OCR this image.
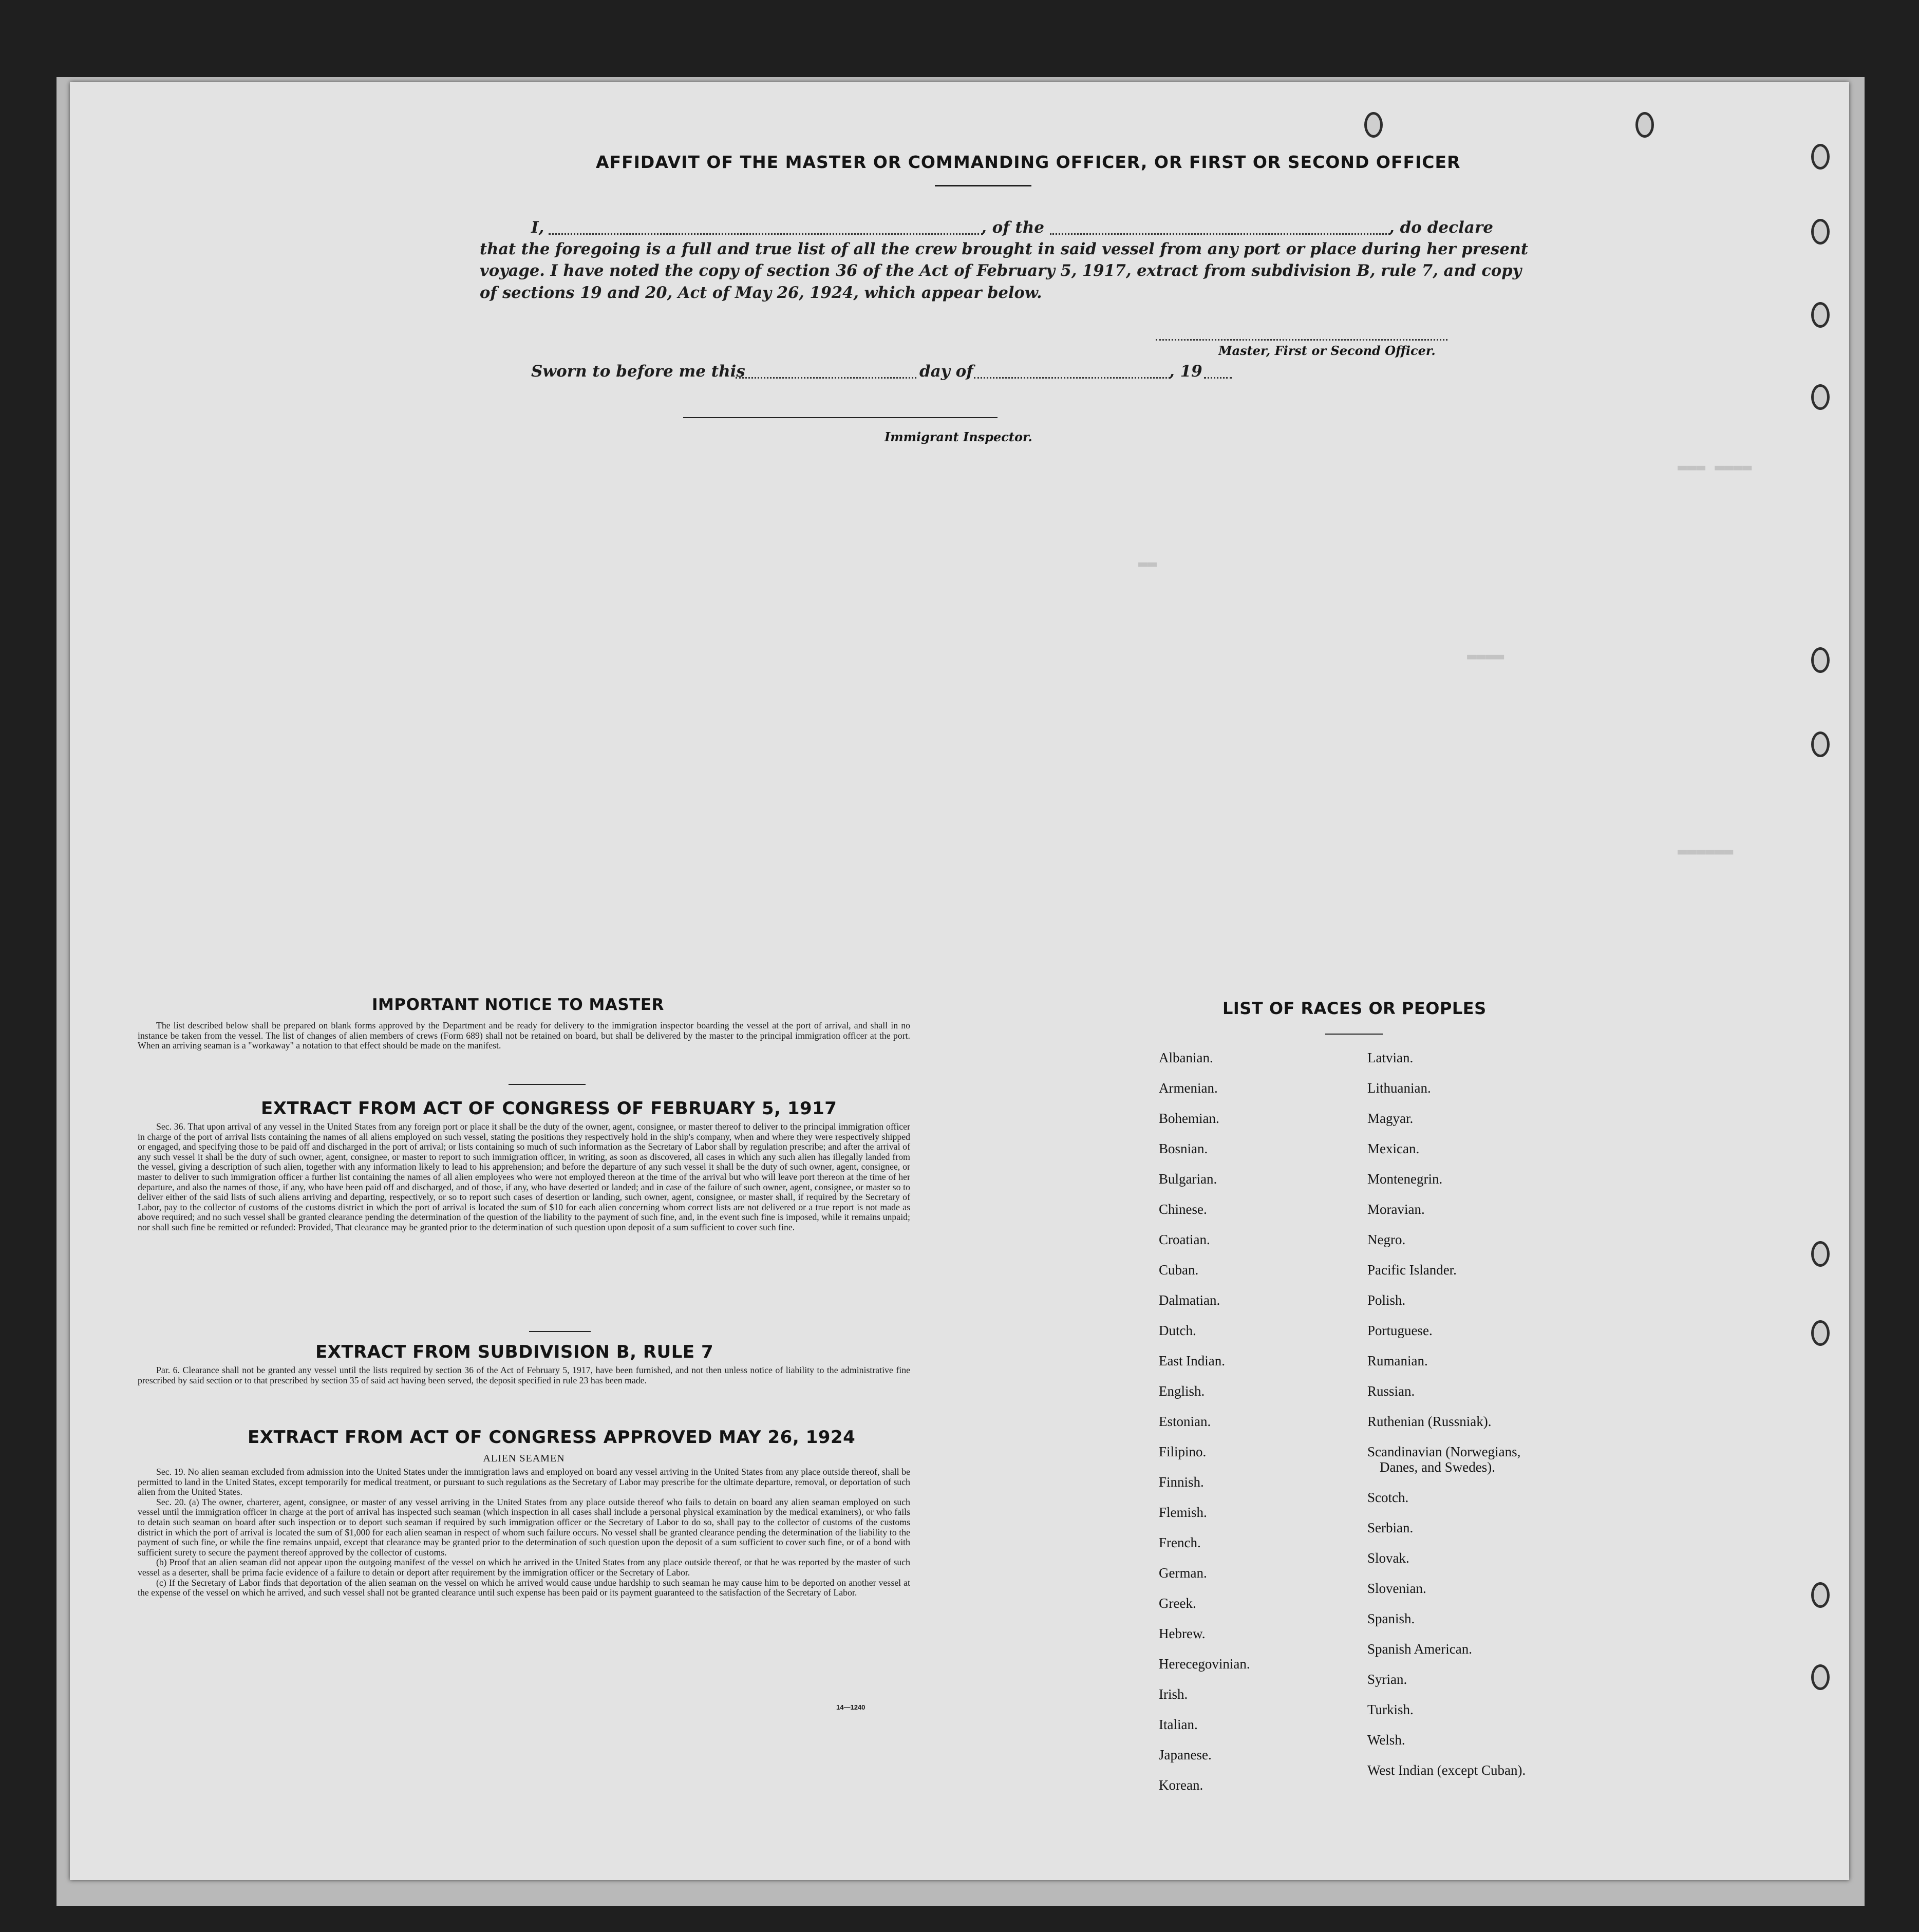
▬▬▬ ▬▬▬▬
▬▬▬▬
▬▬
▬▬▬▬▬▬
AFFIDAVIT OF THE MASTER OR COMMANDING OFFICER, OR FIRST OR SECOND OFFICER
I,	, of the	, do declare
that the foregoing is a full and true list of all the crew brought in said vessel from any port or place during her present
voyage. I have noted the copy of section 36 of the Act of February 5, 1917, extract from subdivision B, rule 7, and copy
of sections 19 and 20, Act of May 26, 1924, which appear below.
Master, First or Second Officer.
Sworn to before me this	day of	, 19
Immigrant Inspector.
IMPORTANT NOTICE TO MASTER

The list described below shall be prepared on blank forms approved by the Department and be ready for delivery to the immigration inspector boarding the vessel at the port of arrival, and shall in no instance be taken from the vessel. The list of changes of alien members of crews (Form 689) shall not be retained on board, but shall be delivered by the master to the principal immigration officer at the port. When an arriving seaman is a "workaway" a notation to that effect should be made on the manifest.

EXTRACT FROM ACT OF CONGRESS OF FEBRUARY 5, 1917

Sec. 36. That upon arrival of any vessel in the United States from any foreign port or place it shall be the duty of the owner, agent, consignee, or master thereof to deliver to the principal immigration officer in charge of the port of arrival lists containing the names of all aliens employed on such vessel, stating the positions they respectively hold in the ship's company, when and where they were respectively shipped or engaged, and specifying those to be paid off and discharged in the port of arrival; or lists containing so much of such information as the Secretary of Labor shall by regulation prescribe; and after the arrival of any such vessel it shall be the duty of such owner, agent, consignee, or master to report to such immigration officer, in writing, as soon as discovered, all cases in which any such alien has illegally landed from the vessel, giving a description of such alien, together with any information likely to lead to his apprehension; and before the departure of any such vessel it shall be the duty of such owner, agent, consignee, or master to deliver to such immigration officer a further list containing the names of all alien employees who were not employed thereon at the time of the arrival but who will leave port thereon at the time of her departure, and also the names of those, if any, who have been paid off and discharged, and of those, if any, who have deserted or landed; and in case of the failure of such owner, agent, consignee, or master so to deliver either of the said lists of such aliens arriving and departing, respectively, or so to report such cases of desertion or landing, such owner, agent, consignee, or master shall, if required by the Secretary of Labor, pay to the collector of customs of the customs district in which the port of arrival is located the sum of $10 for each alien concerning whom correct lists are not delivered or a true report is not made as above required; and no such vessel shall be granted clearance pending the determination of the question of the liability to the payment of such fine, and, in the event such fine is imposed, while it remains unpaid; nor shall such fine be remitted or refunded: Provided, That clearance may be granted prior to the determination of such question upon deposit of a sum sufficient to cover such fine.

EXTRACT FROM SUBDIVISION B, RULE 7

Par. 6. Clearance shall not be granted any vessel until the lists required by section 36 of the Act of February 5, 1917, have been furnished, and not then unless notice of liability to the administrative fine prescribed by said section or to that prescribed by section 35 of said act having been served, the deposit specified in rule 23 has been made.

EXTRACT FROM ACT OF CONGRESS APPROVED MAY 26, 1924
ALIEN SEAMEN

Sec. 19. No alien seaman excluded from admission into the United States under the immigration laws and employed on board any vessel arriving in the United States from any place outside thereof, shall be permitted to land in the United States, except temporarily for medical treatment, or pursuant to such regulations as the Secretary of Labor may prescribe for the ultimate departure, removal, or deportation of such alien from the United States.

Sec. 20. (a) The owner, charterer, agent, consignee, or master of any vessel arriving in the United States from any place outside thereof who fails to detain on board any alien seaman employed on such vessel until the immigration officer in charge at the port of arrival has inspected such seaman (which inspection in all cases shall include a personal physical examination by the medical examiners), or who fails to detain such seaman on board after such inspection or to deport such seaman if required by such immigration officer or the Secretary of Labor to do so, shall pay to the collector of customs of the customs district in which the port of arrival is located the sum of $1,000 for each alien seaman in respect of whom such failure occurs. No vessel shall be granted clearance pending the determination of the liability to the payment of such fine, or while the fine remains unpaid, except that clearance may be granted prior to the determination of such question upon the deposit of a sum sufficient to cover such fine, or of a bond with sufficient surety to secure the payment thereof approved by the collector of customs.

(b) Proof that an alien seaman did not appear upon the outgoing manifest of the vessel on which he arrived in the United States from any place outside thereof, or that he was reported by the master of such vessel as a deserter, shall be prima facie evidence of a failure to detain or deport after requirement by the immigration officer or the Secretary of Labor.

(c) If the Secretary of Labor finds that deportation of the alien seaman on the vessel on which he arrived would cause undue hardship to such seaman he may cause him to be deported on another vessel at the expense of the vessel on which he arrived, and such vessel shall not be granted clearance until such expense has been paid or its payment guaranteed to the satisfaction of the Secretary of Labor.

14—1240
LIST OF RACES OR PEOPLES
Albanian.
Armenian.
Bohemian.
Bosnian.
Bulgarian.
Chinese.
Croatian.
Cuban.
Dalmatian.
Dutch.
East Indian.
English.
Estonian.
Filipino.
Finnish.
Flemish.
French.
German.
Greek.
Hebrew.
Herecegovinian.
Irish.
Italian.
Japanese.
Korean.
Latvian.
Lithuanian.
Magyar.
Mexican.
Montenegrin.
Moravian.
Negro.
Pacific Islander.
Polish.
Portuguese.
Rumanian.
Russian.
Ruthenian (Russniak).
Scandinavian (Norwegians,
Danes, and Swedes).
Scotch.
Serbian.
Slovak.
Slovenian.
Spanish.
Spanish American.
Syrian.
Turkish.
Welsh.
West Indian (except Cuban).
